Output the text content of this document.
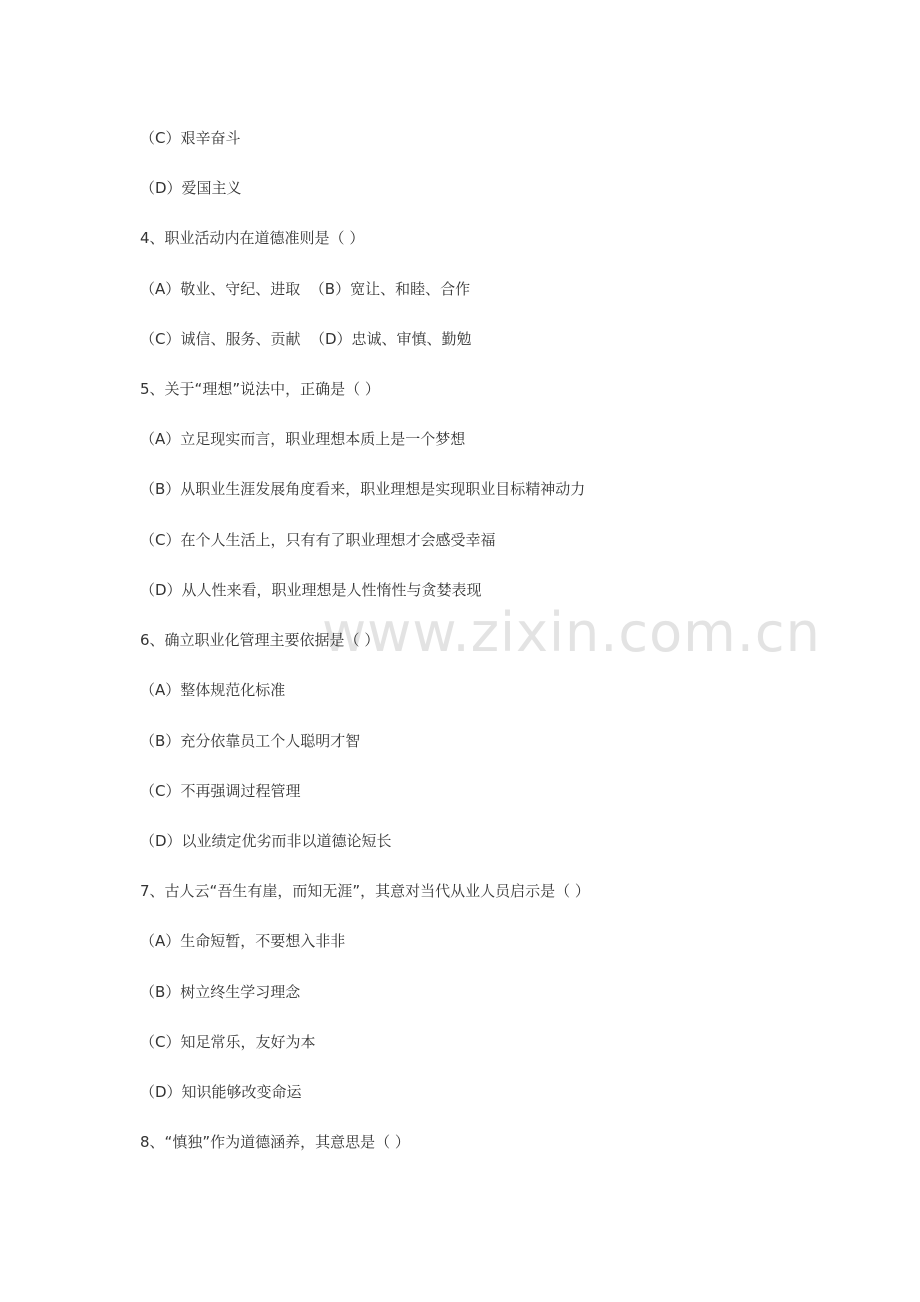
www.zixin.com.cn
（C）艰辛奋斗
（D）爱国主义
4、职业活动内在道德准则是（ ）
（A）敬业、守纪、进取  （B）宽让、和睦、合作
（C）诚信、服务、贡献  （D）忠诚、审慎、勤勉
5、关于“理想”说法中，正确是（ ）
（A）立足现实而言，职业理想本质上是一个梦想
（B）从职业生涯发展角度看来，职业理想是实现职业目标精神动力
（C）在个人生活上，只有有了职业理想才会感受幸福
（D）从人性来看，职业理想是人性惰性与贪婪表现
6、确立职业化管理主要依据是（ ）
（A）整体规范化标准
（B）充分依靠员工个人聪明才智
（C）不再强调过程管理
（D）以业绩定优劣而非以道德论短长
7、古人云“吾生有崖，而知无涯”，其意对当代从业人员启示是（ ）
（A）生命短暂，不要想入非非
（B）树立终生学习理念
（C）知足常乐，友好为本
（D）知识能够改变命运
8、“慎独”作为道德涵养，其意思是（ ）
